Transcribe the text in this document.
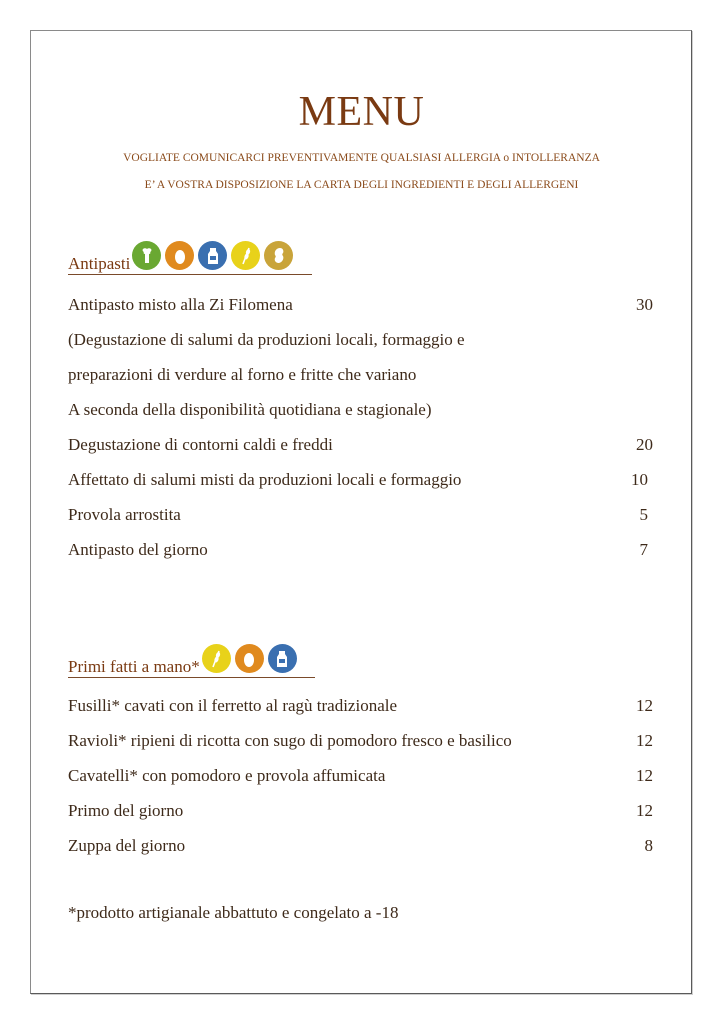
MENU
VOGLIATE COMUNICARCI PREVENTIVAMENTE QUALSIASI ALLERGIA o INTOLLERANZA
E’ A VOSTRA DISPOSIZIONE LA CARTA DEGLI INGREDIENTI E DEGLI ALLERGENI
Antipasti
Antipasto misto alla Zi Filomena	30
(Degustazione di salumi da produzioni locali, formaggio e
preparazioni di verdure al forno e fritte che variano
A seconda della disponibilità quotidiana e stagionale)
Degustazione di contorni caldi e freddi	20
Affettato di salumi misti da produzioni locali e formaggio	10
Provola arrostita	5
Antipasto del giorno	7
Primi fatti a mano*
Fusilli* cavati con il ferretto al ragù tradizionale	12
Ravioli* ripieni di ricotta con sugo di pomodoro fresco e basilico	12
Cavatelli* con pomodoro e provola affumicata	12
Primo del giorno	12
Zuppa del giorno	8
*prodotto artigianale abbattuto e congelato a -18
